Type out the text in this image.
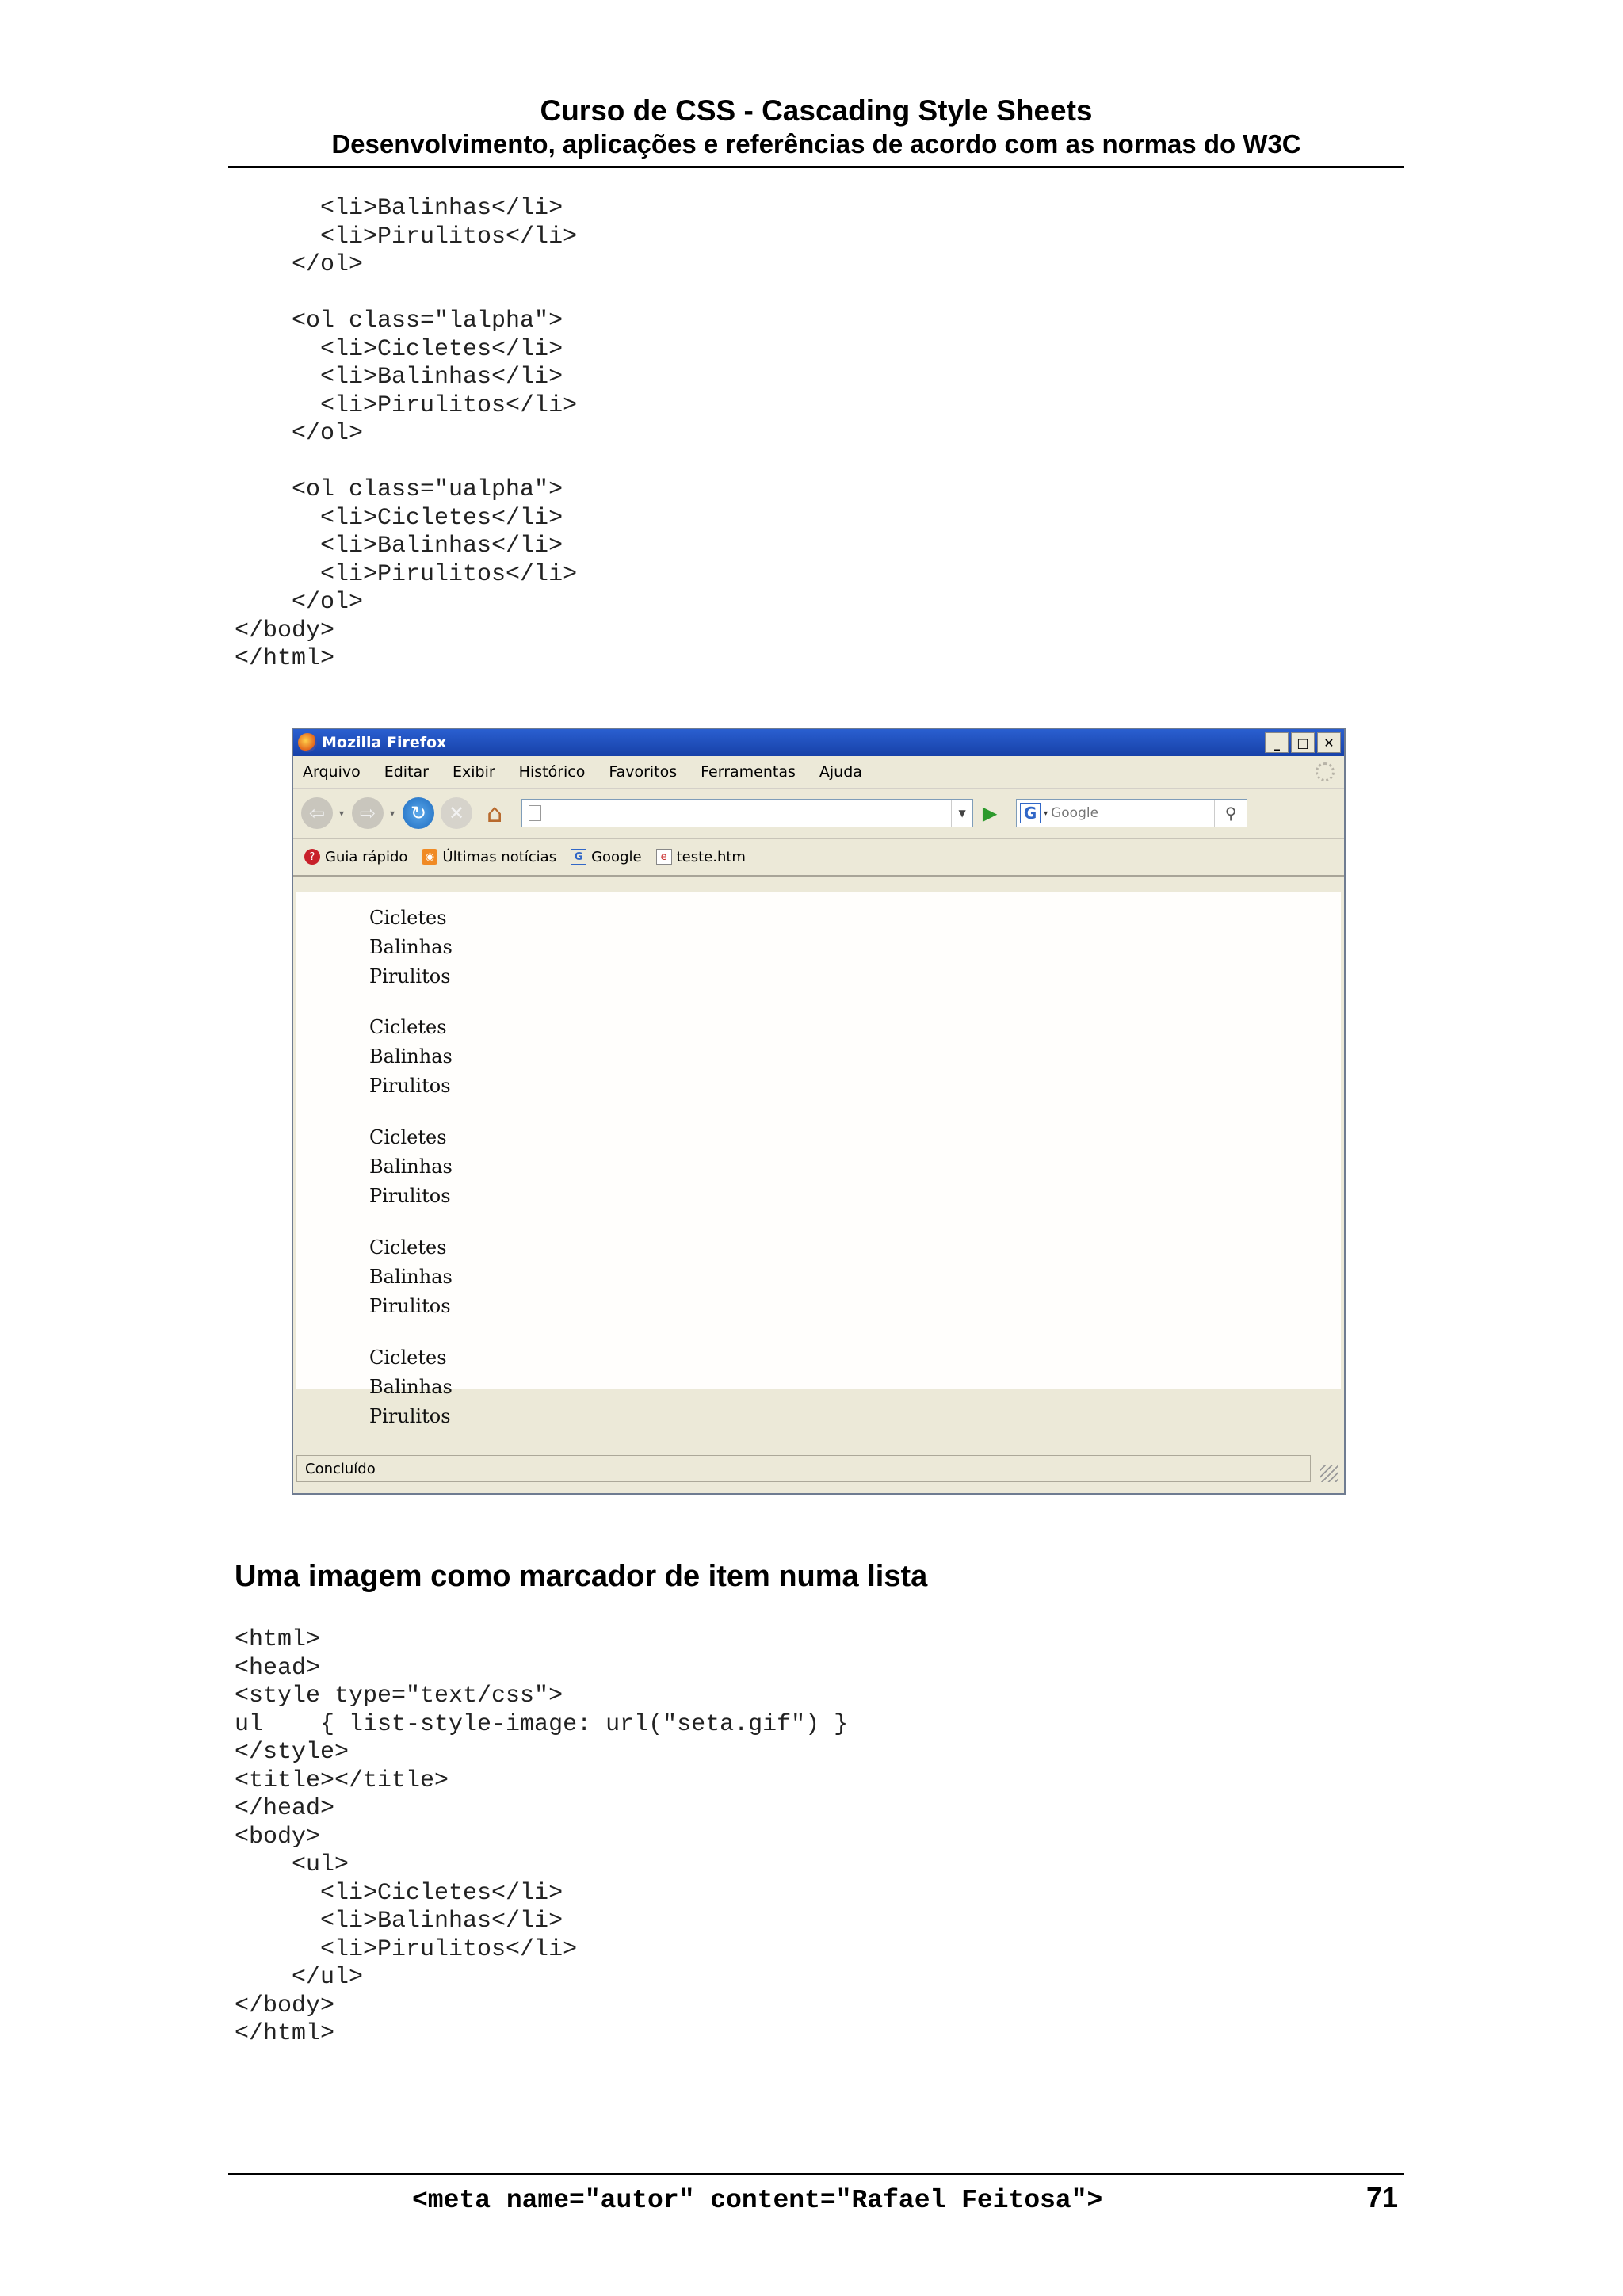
Curso de CSS - Cascading Style Sheets
Desenvolvimento, aplicações e referências de acordo com as normas do W3C
<li>Balinhas</li>
<li>Pirulitos</li>
</ol>
<ol class="lalpha">
<li>Cicletes</li>
<li>Balinhas</li>
<li>Pirulitos</li>
</ol>
<ol class="ualpha">
<li>Cicletes</li>
<li>Balinhas</li>
<li>Pirulitos</li>
</ol>
</body>
</html>
Mozilla Firefox	_	□	✕
Arquivo Editar Exibir Histórico Favoritos Ferramentas Ajuda
⇦	▾ ⇨	▾ ↻	✕ ⌂	▼ ▶ G ▾
Google	⚲
? Guia rápido	◉ Últimas notícias	G Google	e teste.htm
Cicletes
Balinhas
Pirulitos
Cicletes
Balinhas
Pirulitos
Cicletes
Balinhas
Pirulitos
Cicletes
Balinhas
Pirulitos
Cicletes
Balinhas
Pirulitos
Concluído
Uma imagem como marcador de item numa lista
<html>
<head>
<style type="text/css">
ul    { list-style-image: url("seta.gif") }
</style>
<title></title>
</head>
<body>
<ul>
<li>Cicletes</li>
<li>Balinhas</li>
<li>Pirulitos</li>
</ul>
</body>
</html>
<meta name="autor" content="Rafael Feitosa">	71
